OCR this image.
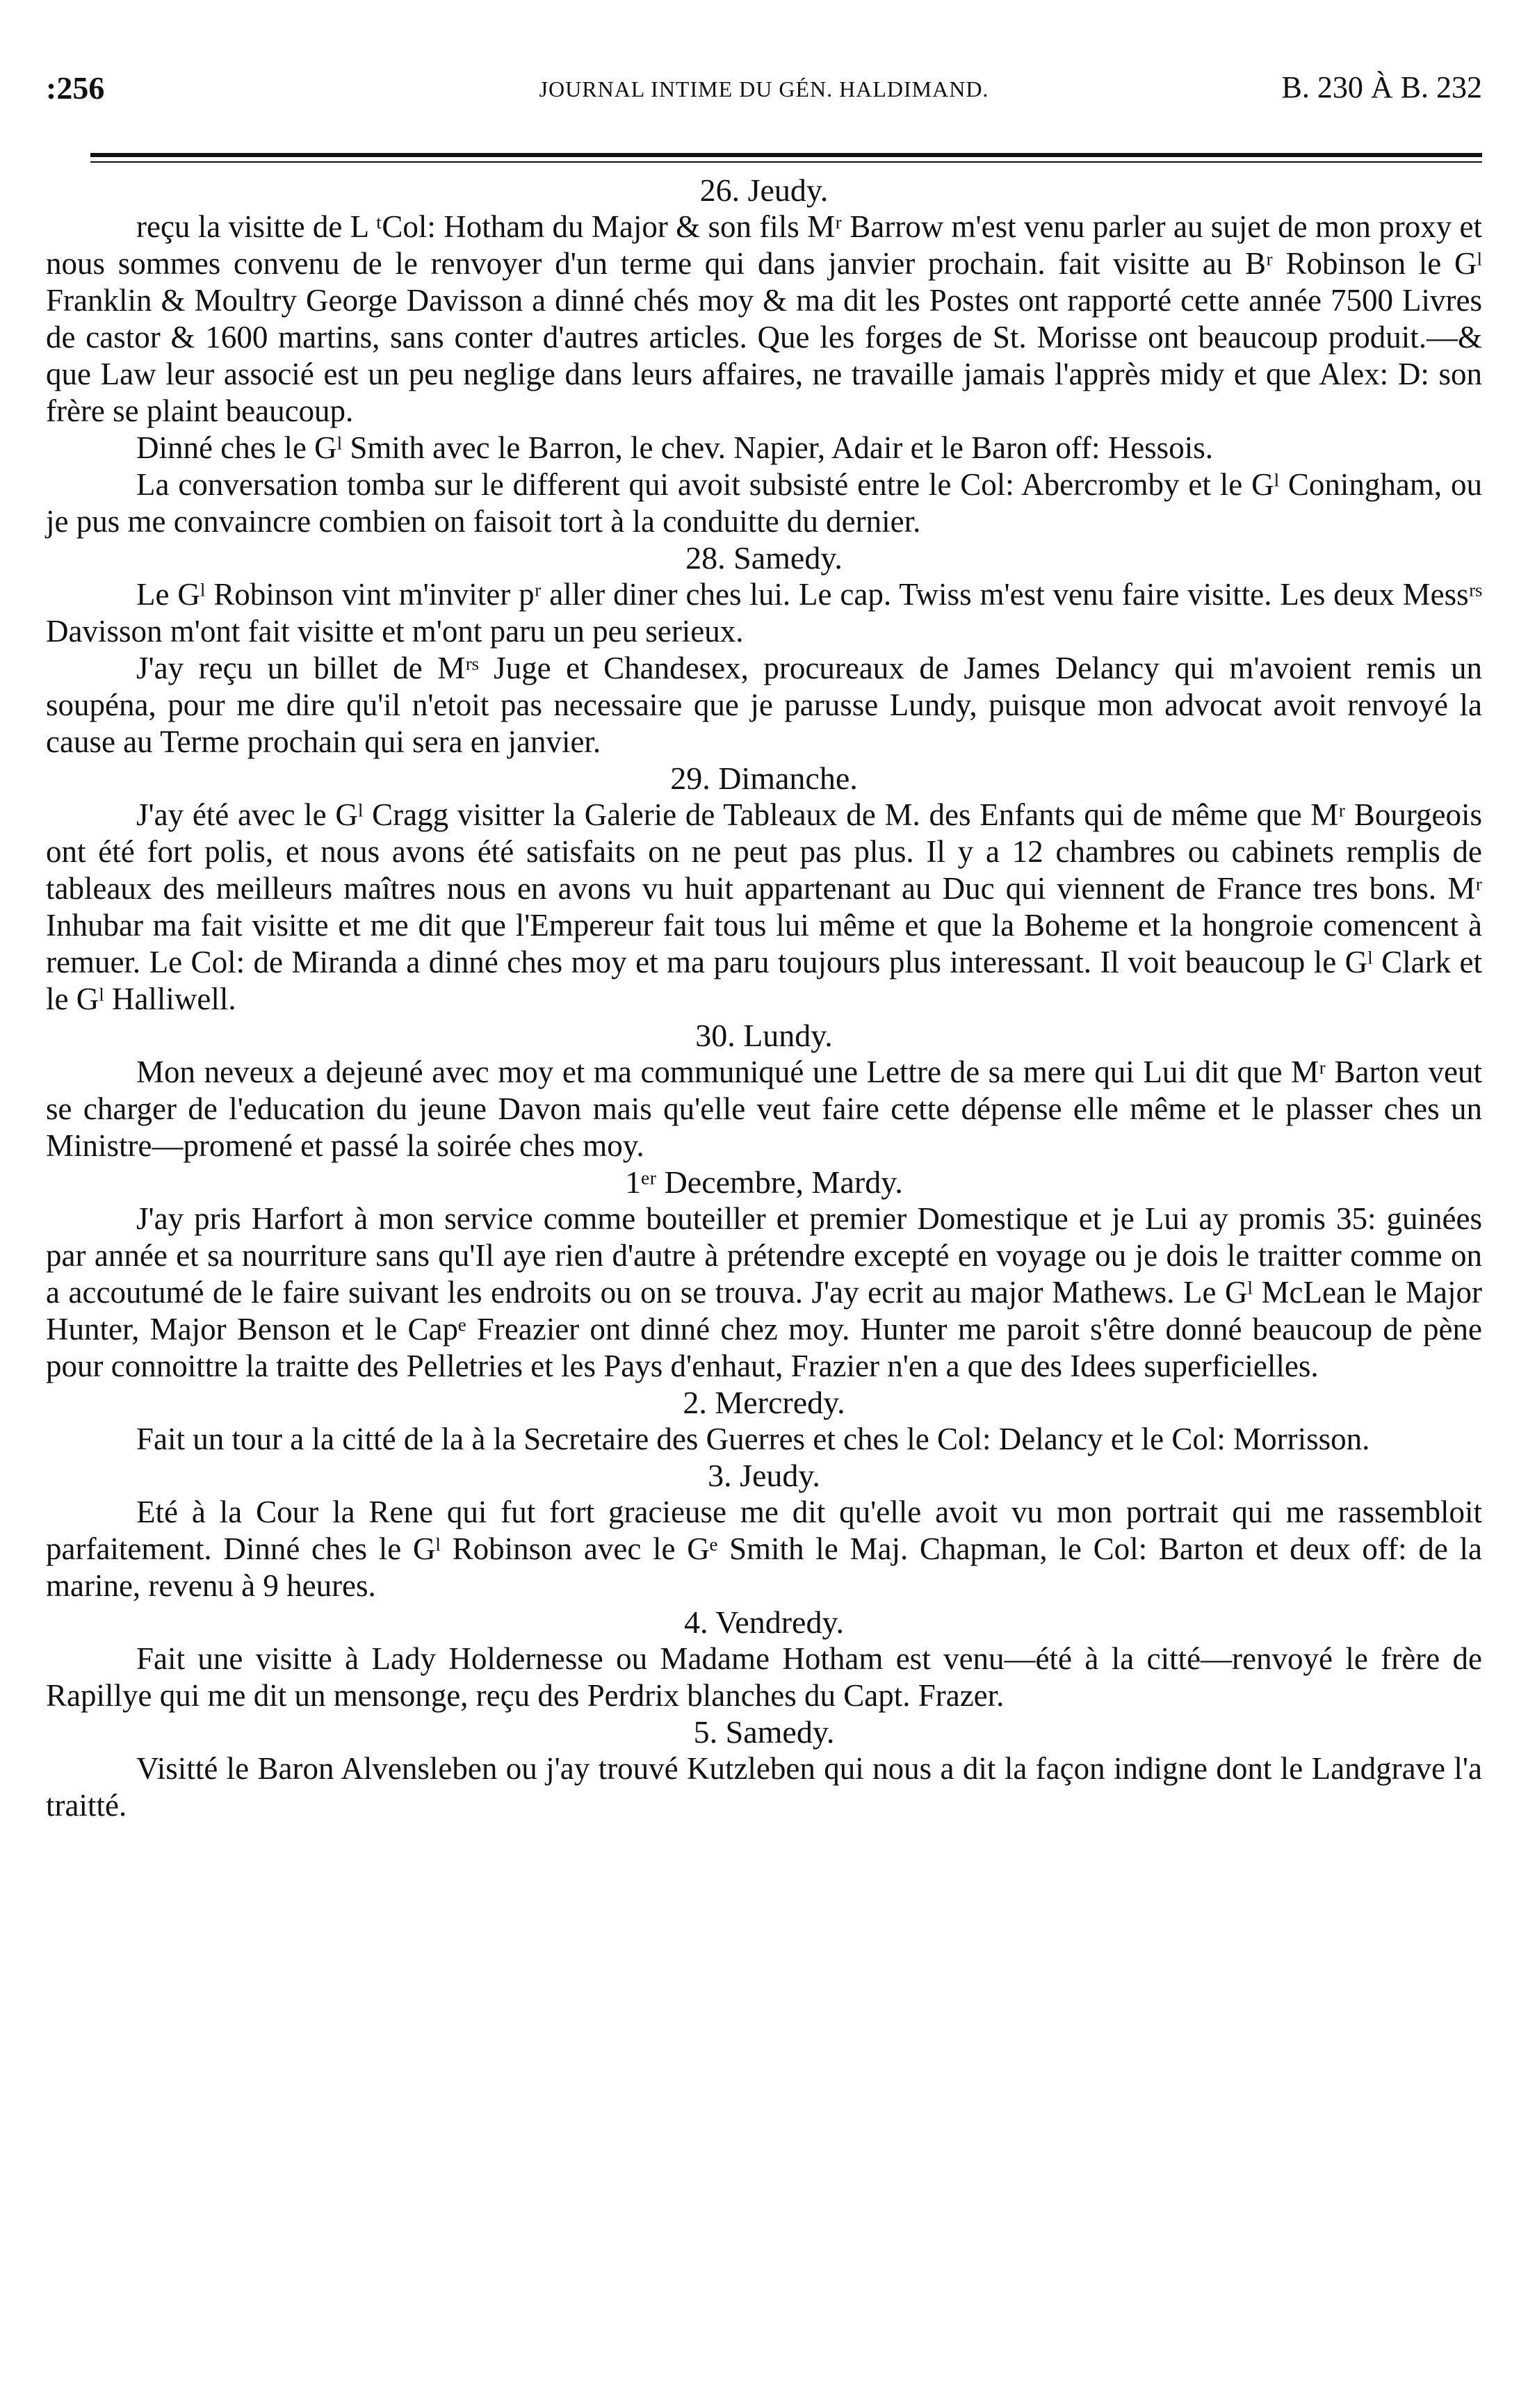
:256	JOURNAL INTIME DU GÉN. HALDIMAND.	B. 230 À B. 232

26. Jeudy.

reçu la visitte de L ᵗCol: Hotham du Major & son fils Mʳ Barrow m'est venu parler au sujet de mon proxy et nous sommes convenu de le renvoyer d'un terme qui dans janvier prochain. fait visitte au Bʳ Robinson le Gˡ Franklin & Moultry George Davisson a dinné chés moy & ma dit les Postes ont rapporté cette année 7500 Livres de castor & 1600 martins, sans conter d'autres articles. Que les forges de St. Morisse ont beaucoup produit.—& que Law leur associé est un peu neglige dans leurs affaires, ne travaille jamais l'apprès midy et que Alex: D: son frère se plaint beaucoup.

Dinné ches le Gˡ Smith avec le Barron, le chev. Napier, Adair et le Baron off: Hessois.

La conversation tomba sur le different qui avoit subsisté entre le Col: Abercromby et le Gˡ Coningham, ou je pus me convaincre combien on faisoit tort à la conduitte du dernier.

28. Samedy.

Le Gˡ Robinson vint m'inviter pʳ aller diner ches lui. Le cap. Twiss m'est venu faire visitte. Les deux Messʳˢ Davisson m'ont fait visitte et m'ont paru un peu serieux.

J'ay reçu un billet de Mʳˢ Juge et Chandesex, procureaux de James Delancy qui m'avoient remis un soupéna, pour me dire qu'il n'etoit pas necessaire que je parusse Lundy, puisque mon advocat avoit renvoyé la cause au Terme prochain qui sera en janvier.

29. Dimanche.

J'ay été avec le Gˡ Cragg visitter la Galerie de Tableaux de M. des Enfants qui de même que Mʳ Bourgeois ont été fort polis, et nous avons été satisfaits on ne peut pas plus. Il y a 12 chambres ou cabinets remplis de tableaux des meilleurs maîtres nous en avons vu huit appartenant au Duc qui viennent de France tres bons. Mʳ Inhubar ma fait visitte et me dit que l'Empereur fait tous lui même et que la Boheme et la hongroie comencent à remuer. Le Col: de Miranda a dinné ches moy et ma paru toujours plus interessant. Il voit beaucoup le Gˡ Clark et le Gˡ Halliwell.

30. Lundy.

Mon neveux a dejeuné avec moy et ma communiqué une Lettre de sa mere qui Lui dit que Mʳ Barton veut se charger de l'education du jeune Davon mais qu'elle veut faire cette dépense elle même et le plasser ches un Ministre—promené et passé la soirée ches moy.

1ᵉʳ Decembre, Mardy.

J'ay pris Harfort à mon service comme bouteiller et premier Domestique et je Lui ay promis 35: guinées par année et sa nourriture sans qu'Il aye rien d'autre à prétendre excepté en voyage ou je dois le traitter comme on a accoutumé de le faire suivant les endroits ou on se trouva. J'ay ecrit au major Mathews. Le Gˡ McLean le Major Hunter, Major Benson et le Capᵉ Freazier ont dinné chez moy. Hunter me paroit s'être donné beaucoup de pène pour connoittre la traitte des Pelletries et les Pays d'enhaut, Frazier n'en a que des Idees superficielles.

2. Mercredy.

Fait un tour a la citté de la à la Secretaire des Guerres et ches le Col: Delancy et le Col: Morrisson.

3. Jeudy.

Eté à la Cour la Rene qui fut fort gracieuse me dit qu'elle avoit vu mon portrait qui me rassembloit parfaitement. Dinné ches le Gˡ Robinson avec le Gᵉ Smith le Maj. Chapman, le Col: Barton et deux off: de la marine, revenu à 9 heures.

4. Vendredy.

Fait une visitte à Lady Holdernesse ou Madame Hotham est venu—été à la citté—renvoyé le frère de Rapillye qui me dit un mensonge, reçu des Perdrix blanches du Capt. Frazer.

5. Samedy.

Visitté le Baron Alvensleben ou j'ay trouvé Kutzleben qui nous a dit la façon indigne dont le Landgrave l'a traitté.
